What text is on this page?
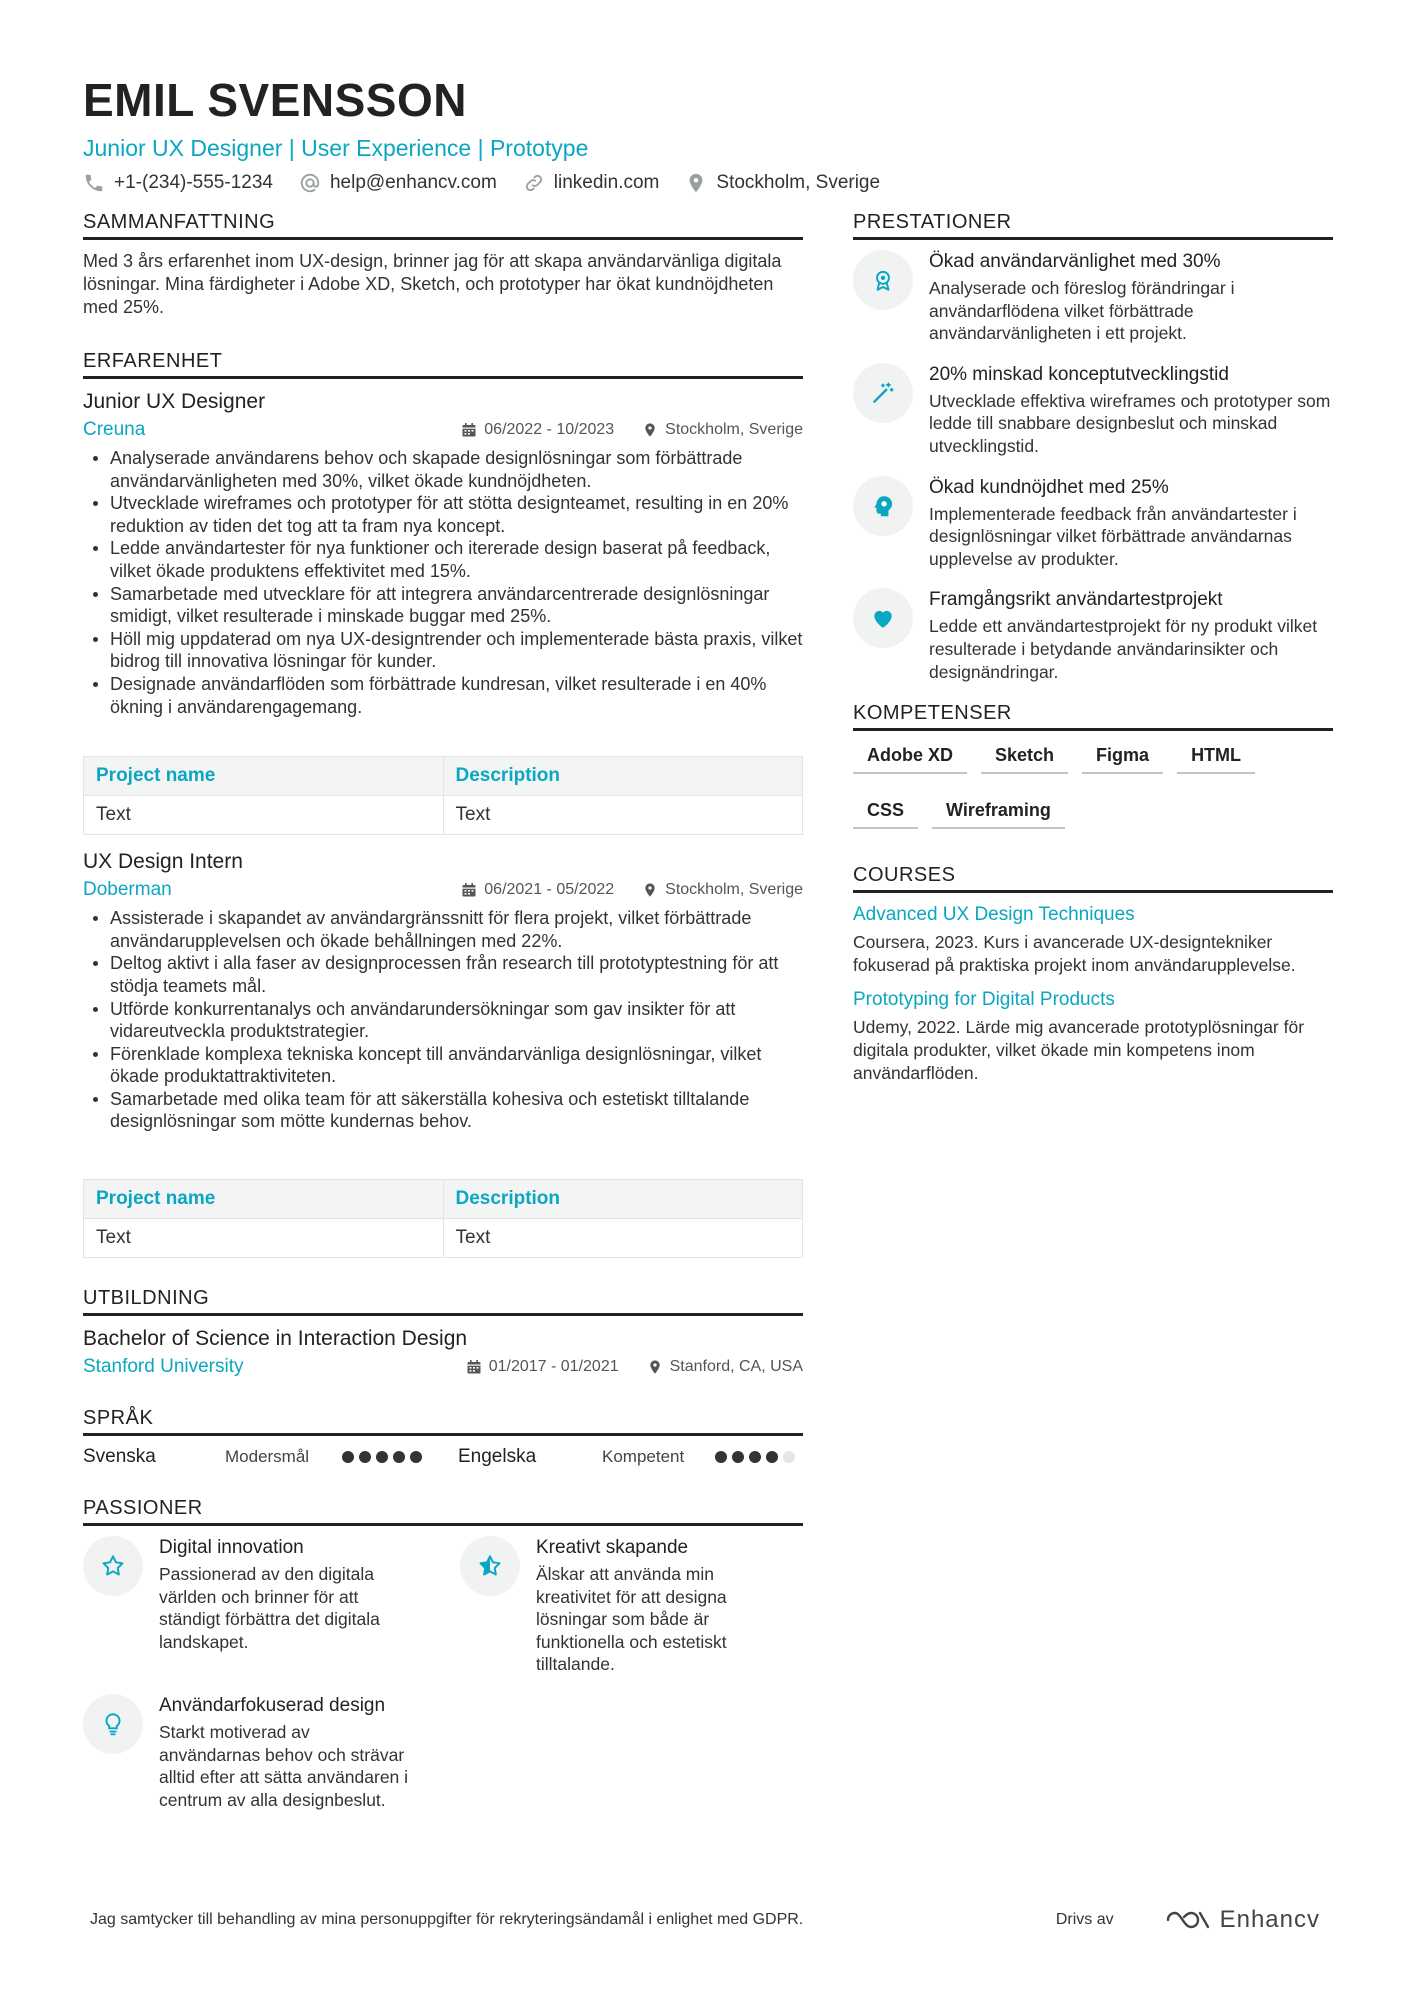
EMIL SVENSSON
Junior UX Designer | User Experience | Prototype
+1-(234)-555-1234	help@enhancv.com	linkedin.com	Stockholm, Sverige
SAMMANFATTNING
Med 3 års erfarenhet inom UX-design, brinner jag för att skapa användarvänliga digitala lösningar. Mina färdigheter i Adobe XD, Sketch, och prototyper har ökat kundnöjdheten med 25%.
ERFARENHET
Junior UX Designer
Creuna	06/2022 - 10/2023	Stockholm, Sverige
Analyserade användarens behov och skapade designlösningar som förbättrade användarvänligheten med 30%, vilket ökade kundnöjdheten.
Utvecklade wireframes och prototyper för att stötta designteamet, resulting in en 20% reduktion av tiden det tog att ta fram nya koncept.
Ledde användartester för nya funktioner och itererade design baserat på feedback, vilket ökade produktens effektivitet med 15%.
Samarbetade med utvecklare för att integrera användarcentrerade designlösningar smidigt, vilket resulterade i minskade buggar med 25%.
Höll mig uppdaterad om nya UX-designtrender och implementerade bästa praxis, vilket bidrog till innovativa lösningar för kunder.
Designade användarflöden som förbättrade kundresan, vilket resulterade i en 40% ökning i användarengagemang.
Project name	Description
Text	Text
UX Design Intern
Doberman	06/2021 - 05/2022	Stockholm, Sverige
Assisterade i skapandet av användargränssnitt för flera projekt, vilket förbättrade användarupplevelsen och ökade behållningen med 22%.
Deltog aktivt i alla faser av designprocessen från research till prototyptestning för att stödja teamets mål.
Utförde konkurrentanalys och användarundersökningar som gav insikter för att vidareutveckla produktstrategier.
Förenklade komplexa tekniska koncept till användarvänliga designlösningar, vilket ökade produktattraktiviteten.
Samarbetade med olika team för att säkerställa kohesiva och estetiskt tilltalande designlösningar som mötte kundernas behov.
Project name	Description
Text	Text
UTBILDNING
Bachelor of Science in Interaction Design
Stanford University	01/2017 - 01/2021	Stanford, CA, USA
SPRÅK
Svenska	Modersmål	Engelska	Kompetent
PASSIONER
Digital innovation
Passionerad av den digitala världen och brinner för att ständigt förbättra det digitala landskapet.
Kreativt skapande
Älskar att använda min kreativitet för att designa lösningar som både är funktionella och estetiskt tilltalande.
Användarfokuserad design
Starkt motiverad av användarnas behov och strävar alltid efter att sätta användaren i centrum av alla designbeslut.
PRESTATIONER
Ökad användarvänlighet med 30%
Analyserade och föreslog förändringar i användarflödena vilket förbättrade användarvänligheten i ett projekt.
20% minskad konceptutvecklingstid
Utvecklade effektiva wireframes och prototyper som ledde till snabbare designbeslut och minskad utvecklingstid.
Ökad kundnöjdhet med 25%
Implementerade feedback från användartester i designlösningar vilket förbättrade användarnas upplevelse av produkter.
Framgångsrikt användartestprojekt
Ledde ett användartestprojekt för ny produkt vilket resulterade i betydande användarinsikter och designändringar.
KOMPETENSER
Adobe XD	Sketch	Figma	HTML
CSS	Wireframing
COURSES
Advanced UX Design Techniques
Coursera, 2023. Kurs i avancerade UX-designtekniker fokuserad på praktiska projekt inom användarupplevelse.
Prototyping for Digital Products
Udemy, 2022. Lärde mig avancerade prototyplösningar för digitala produkter, vilket ökade min kompetens inom användarflöden.
Jag samtycker till behandling av mina personuppgifter för rekryteringsändamål i enlighet med GDPR.	Drivs av	Enhancv
